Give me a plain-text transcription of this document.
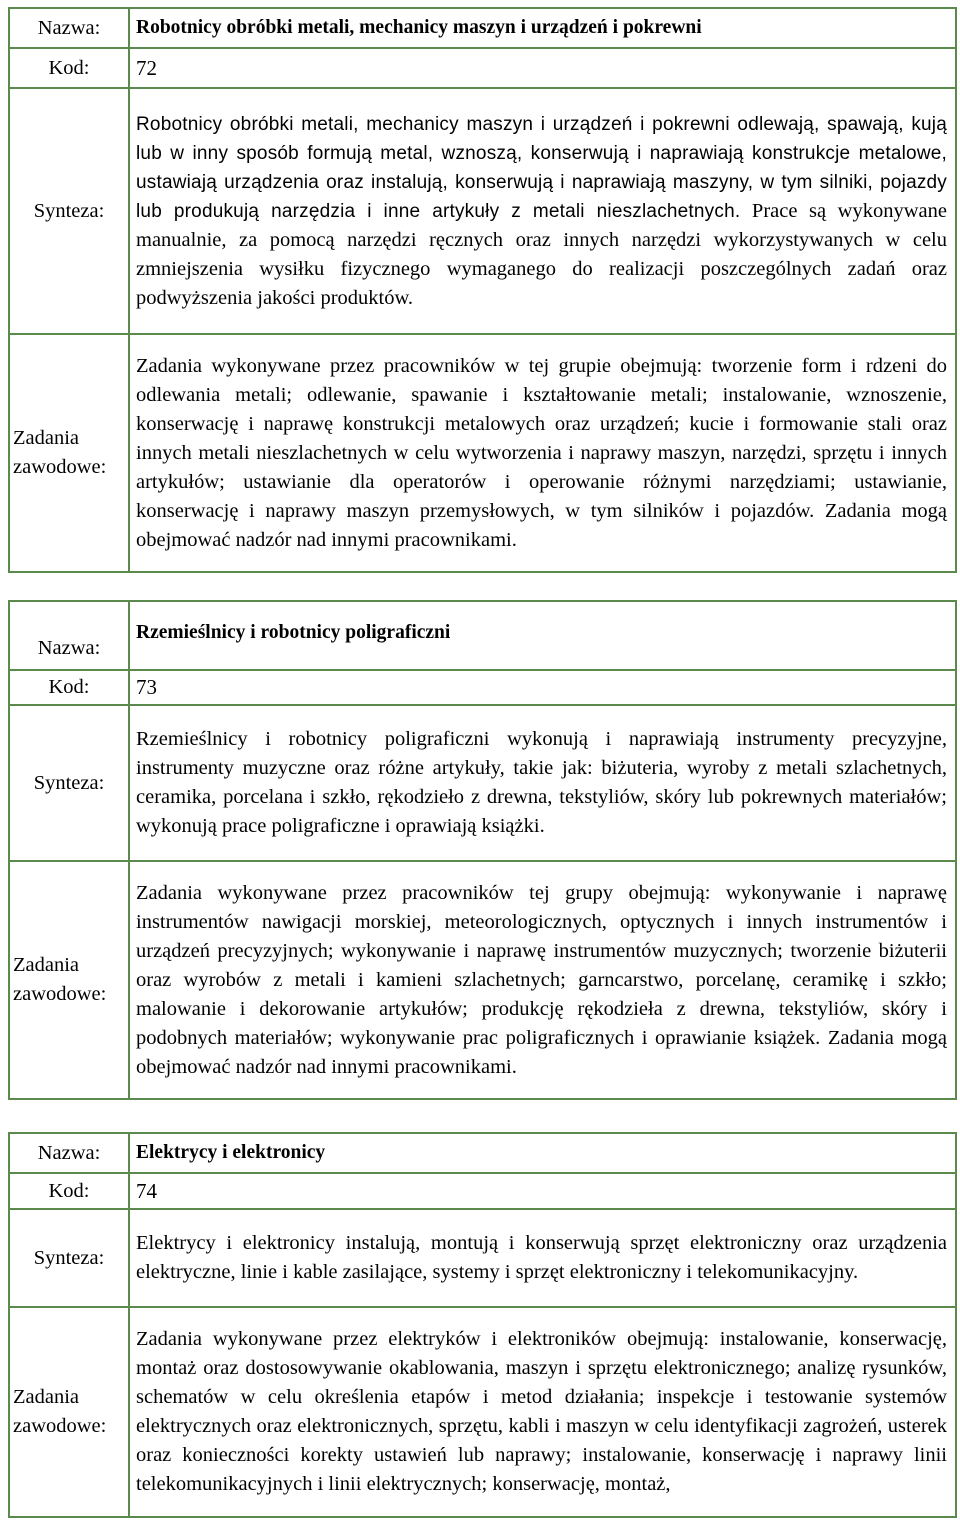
Nazwa:	Robotnicy obróbki metali, mechanicy maszyn i urządzeń i pokrewni
Kod:	72
Synteza:	Robotnicy obróbki metali, mechanicy maszyn i urządzeń i pokrewni odlewają, spawają, kują lub w inny sposób formują metal, wznoszą, konserwują i naprawiają konstrukcje metalowe, ustawiają urządzenia oraz instalują, konserwują i naprawiają maszyny, w tym silniki, pojazdy lub produkują narzędzia i inne artykuły z metali nieszlachetnych. Prace są wykonywane manualnie, za pomocą narzędzi ręcznych oraz innych narzędzi wykorzystywanych w celu zmniejszenia wysiłku fizycznego wymaganego do realizacji poszczególnych zadań oraz podwyższenia jakości produktów.

Zadania
zawodowe:	Zadania wykonywane przez pracowników w tej grupie obejmują: tworzenie form i rdzeni do odlewania metali; odlewanie, spawanie i kształtowanie metali; instalowanie, wznoszenie, konserwację i naprawę konstrukcji metalowych oraz urządzeń; kucie i formowanie stali oraz innych metali nieszlachetnych w celu wytworzenia i naprawy maszyn, narzędzi, sprzętu i innych artykułów; ustawianie dla operatorów i operowanie różnymi narzędziami; ustawianie, konserwację i naprawy maszyn przemysłowych, w tym silników i pojazdów. Zadania mogą obejmować nadzór nad innymi pracownikami.
Nazwa:	Rzemieślnicy i robotnicy poligraficzni
Kod:	73
Synteza:	Rzemieślnicy i robotnicy poligraficzni wykonują i naprawiają instrumenty precyzyjne, instrumenty muzyczne oraz różne artykuły, takie jak: biżuteria, wyroby z metali szlachetnych, ceramika, porcelana i szkło, rękodzieło z drewna, tekstyliów, skóry lub pokrewnych materiałów; wykonują prace poligraficzne i oprawiają książki.

Zadania
zawodowe:	Zadania wykonywane przez pracowników tej grupy obejmują: wykonywanie i naprawę instrumentów nawigacji morskiej, meteorologicznych, optycznych i innych instrumentów i urządzeń precyzyjnych; wykonywanie i naprawę instrumentów muzycznych; tworzenie biżuterii oraz wyrobów z metali i kamieni szlachetnych; garncarstwo, porcelanę, ceramikę i szkło; malowanie i dekorowanie artykułów; produkcję rękodzieła z drewna, tekstyliów, skóry i podobnych materiałów; wykonywanie prac poligraficznych i oprawianie książek. Zadania mogą obejmować nadzór nad innymi pracownikami.
Nazwa:	Elektrycy i elektronicy
Kod:	74
Synteza:	Elektrycy i elektronicy instalują, montują i konserwują sprzęt elektroniczny oraz urządzenia elektryczne, linie i kable zasilające, systemy i sprzęt elektroniczny i telekomunikacyjny.

Zadania
zawodowe:	Zadania wykonywane przez elektryków i elektroników obejmują: instalowanie, konserwację, montaż oraz dostosowywanie okablowania, maszyn i sprzętu elektronicznego; analizę rysunków, schematów w celu określenia etapów i metod działania; inspekcje i testowanie systemów elektrycznych oraz elektronicznych, sprzętu, kabli i maszyn w celu identyfikacji zagrożeń, usterek oraz konieczności korekty ustawień lub naprawy; instalowanie, konserwację i naprawy linii telekomunikacyjnych i linii elektrycznych; konserwację, montaż,
